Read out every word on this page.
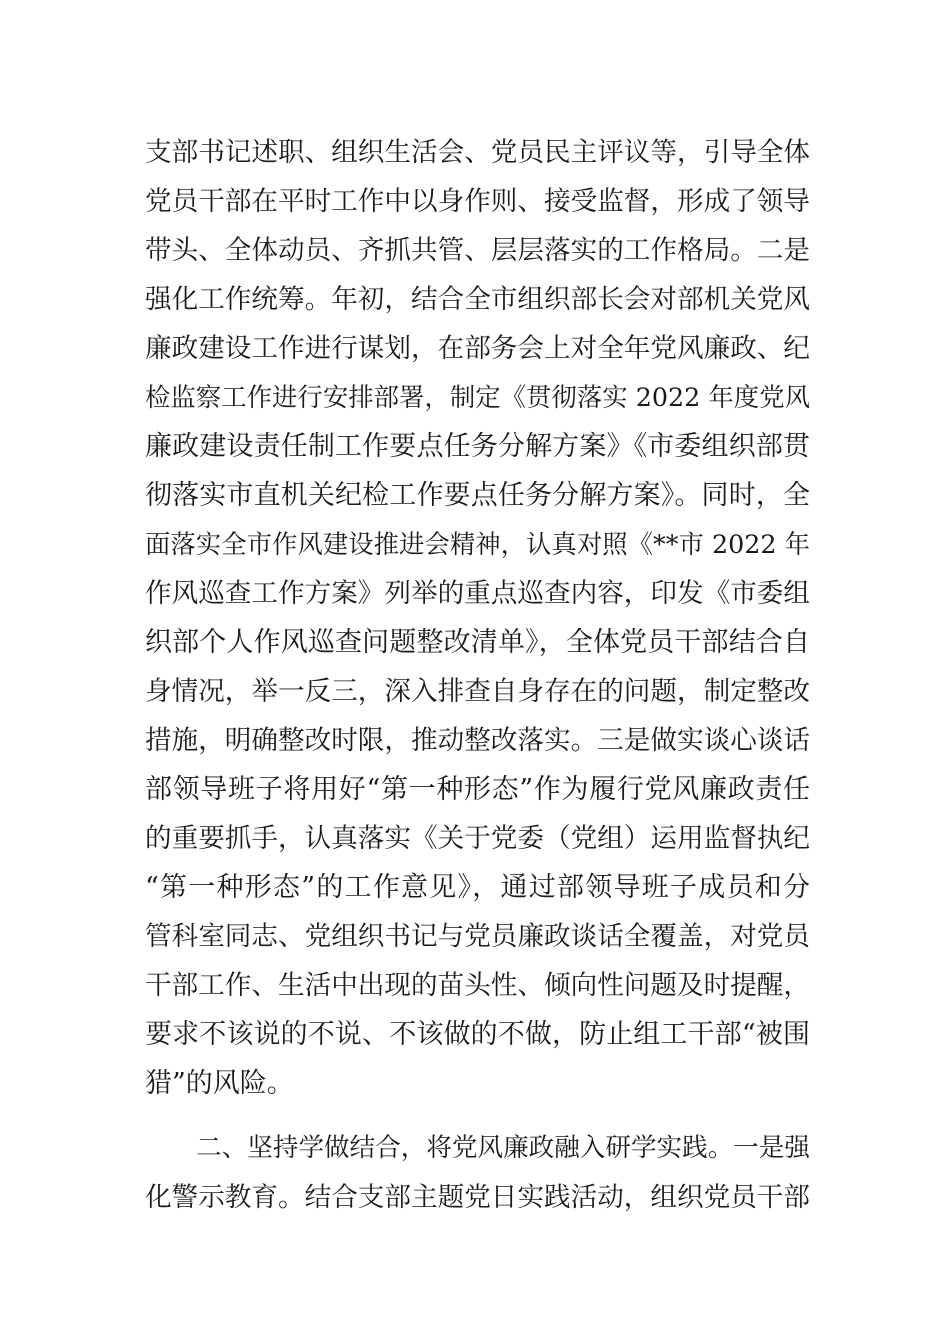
支部书记述职、组织生活会、党员民主评议等，引导全体
党员干部在平时工作中以身作则、接受监督，形成了领导
带头、全体动员、齐抓共管、层层落实的工作格局。二是
强化工作统筹。年初，结合全市组织部长会对部机关党风
廉政建设工作进行谋划，在部务会上对全年党风廉政、纪
检监察工作进行安排部署，制定《贯彻落实 2022 年度党风
廉政建设责任制工作要点任务分解方案》《市委组织部贯
彻落实市直机关纪检工作要点任务分解方案》。同时，全
面落实全市作风建设推进会精神，认真对照《**市 2022 年
作风巡查工作方案》列举的重点巡查内容，印发《市委组
织部个人作风巡查问题整改清单》，全体党员干部结合自
身情况，举一反三，深入排查自身存在的问题，制定整改
措施，明确整改时限，推动整改落实。三是做实谈心谈话
部领导班子将用好“第一种形态”作为履行党风廉政责任
的重要抓手，认真落实《关于党委（党组）运用监督执纪
“第一种形态”的工作意见》，通过部领导班子成员和分
管科室同志、党组织书记与党员廉政谈话全覆盖，对党员
干部工作、生活中出现的苗头性、倾向性问题及时提醒，
要求不该说的不说、不该做的不做，防止组工干部“被围
猎”的风险。
　　二、坚持学做结合，将党风廉政融入研学实践。一是强
化警示教育。结合支部主题党日实践活动，组织党员干部
